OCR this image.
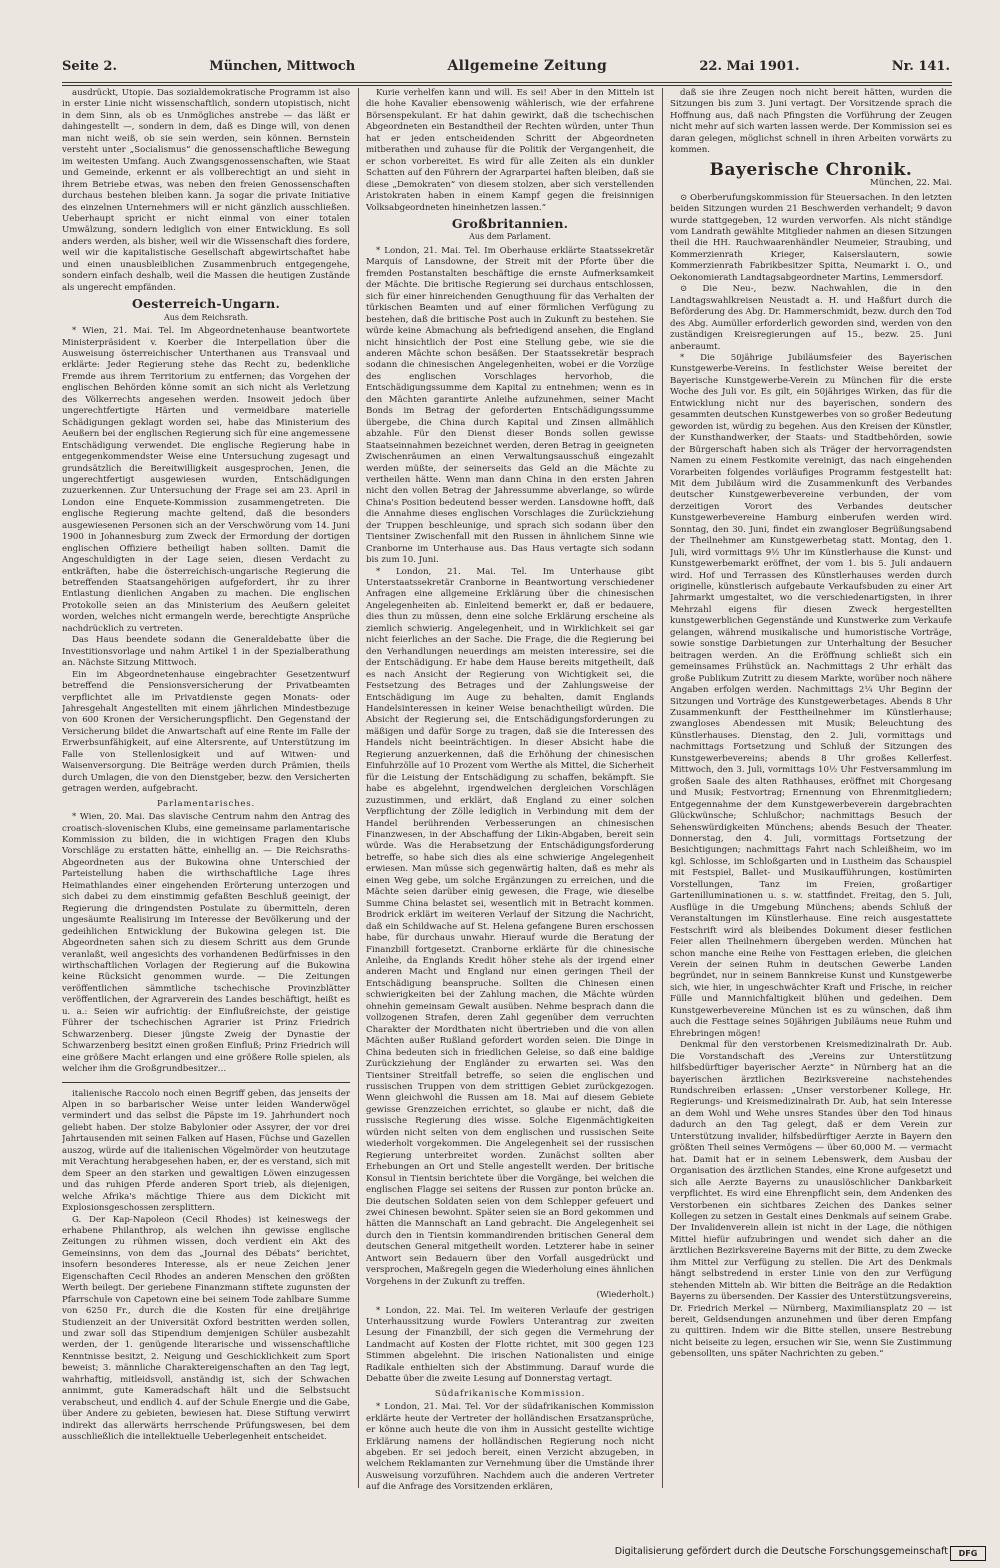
Seite 2.	München, Mittwoch	Allgemeine Zeitung	22. Mai 1901.	Nr. 141.

ausdrückt, Utopie. Das sozialdemokratische Programm ist also in erster Linie nicht wissenschaftlich, sondern utopistisch, nicht in dem Sinn, als ob es Unmögliches anstrebe — das läßt er dahingestellt —, sondern in dem, daß es Dinge will, von denen man nicht weiß, ob sie sein werden, sein können. Bernstein versteht unter „Socialismus“ die genossenschaftliche Bewegung im weitesten Umfang. Auch Zwangsgenossenschaften, wie Staat und Gemeinde, erkennt er als vollberechtigt an und sieht in ihrem Betriebe etwas, was neben den freien Genossenschaften durchaus bestehen bleiben kann. Ja sogar die private Initiative des einzelnen Unternehmers will er nicht gänzlich ausschließen. Ueberhaupt spricht er nicht einmal von einer totalen Umwälzung, sondern lediglich von einer Entwicklung. Es soll anders werden, als bisher, weil wir die Wissenschaft dies fordere, weil wir die kapitalistische Gesellschaft abgewirtschaftet habe und einen unausbleiblichen Zusammenbruch entgegengehe, sondern einfach deshalb, weil die Massen die heutigen Zustände als ungerecht empfänden.

Oesterreich-Ungarn.
Aus dem Reichsrath.

* Wien, 21. Mai. Tel. Im Abgeordnetenhause beantwortete Ministerpräsident v. Koerber die Interpellation über die Ausweisung österreichischer Unterthanen aus Transvaal und erklärte: Jeder Regierung stehe das Recht zu, bedenkliche Fremde aus ihrem Territorium zu entfernen; das Vorgehen der englischen Behörden könne somit an sich nicht als Verletzung des Völkerrechts angesehen werden. Insoweit jedoch über ungerechtfertigte Härten und vermeidbare materielle Schädigungen geklagt worden sei, habe das Ministerium des Aeußern bei der englischen Regierung sich für eine angemessene Entschädigung verwendet. Die englische Regierung habe in entgegenkommendster Weise eine Untersuchung zugesagt und grundsätzlich die Bereitwilligkeit ausgesprochen, Jenen, die ungerechtfertigt ausgewiesen wurden, Entschädigungen zuzuerkennen. Zur Untersuchung der Frage sei am 23. April in London eine Enquete-Kommission zusammengetreten. Die englische Regierung machte geltend, daß die besonders ausgewiesenen Personen sich an der Verschwörung vom 14. Juni 1900 in Johannesburg zum Zweck der Ermordung der dortigen englischen Offiziere betheiligt haben sollten. Damit die Angeschuldigten in der Lage seien, diesen Verdacht zu entkräften, habe die österreichisch-ungarische Regierung die betreffenden Staatsangehörigen aufgefordert, ihr zu ihrer Entlastung dienlichen Angaben zu machen. Die englischen Protokolle seien an das Ministerium des Aeußern geleitet worden, welches nicht ermangeln werde, berechtigte Ansprüche nachdrücklich zu vertreten.

Das Haus beendete sodann die Generaldebatte über die Investitionsvorlage und nahm Artikel 1 in der Spezialberathung an. Nächste Sitzung Mittwoch.

Ein im Abgeordnetenhause eingebrachter Gesetzentwurf betreffend die Pensionsversicherung der Privatbeamten verpflichtet alle im Privatdienste gegen Monats- oder Jahresgehalt Angestellten mit einem jährlichen Mindestbezuge von 600 Kronen der Versicherungspflicht. Den Gegenstand der Versicherung bildet die Anwartschaft auf eine Rente im Falle der Erwerbsunfähigkeit, auf eine Altersrente, auf Unterstützung im Falle von Stellenlosigkeit und auf Witwen- und Waisenversorgung. Die Beiträge werden durch Prämien, theils durch Umlagen, die von den Dienstgeber, bezw. den Versicherten getragen werden, aufgebracht.

Parlamentarisches.

* Wien, 20. Mai. Das slavische Centrum nahm den Antrag des croatisch-slovenischen Klubs, eine gemeinsame parlamentarische Kommission zu bilden, die in wichtigen Fragen den Klubs Vorschläge zu erstatten hätte, einhellig an. — Die Reichsraths-Abgeordneten aus der Bukowina ohne Unterschied der Parteistellung haben die wirthschaftliche Lage ihres Heimathlandes einer eingehenden Erörterung unterzogen und sich dabei zu dem einstimmig gefaßten Beschluß geeinigt, der Regierung die dringendsten Postulate zu übermitteln, deren ungesäumte Realisirung im Interesse der Bevölkerung und der gedeihlichen Entwicklung der Bukowina gelegen ist. Die Abgeordneten sahen sich zu diesem Schritt aus dem Grunde veranlaßt, weil angesichts des vorhandenen Bedürfnisses in den wirthschaftlichen Vorlagen der Regierung auf die Bukowina keine Rücksicht genommen wurde. — Die Zeitungen veröffentlichen sämmtliche tschechische Provinzblätter veröffentlichen, der Agrarverein des Landes beschäftigt, heißt es u. a.: Seien wir aufrichtig: der Einflußreichste, der geistige Führer der tschechischen Agrarier ist Prinz Friedrich Schwarzenberg. Dieser jüngste Zweig der Dynastie der Schwarzenberg besitzt einen großen Einfluß; Prinz Friedrich will eine größere Macht erlangen und eine größere Rolle spielen, als welcher ihm die Großgrundbesitzer…

italienische Raccolo noch einen Begriff geben, das jenseits der Alpen in so barbarischer Weise unter leiden Wanderwögel vermindert und das selbst die Päpste im 19. Jahrhundert noch geliebt haben. Der stolze Babylonier oder Assyrer, der vor drei Jahrtausenden mit seinen Falken auf Hasen, Füchse und Gazellen auszog, würde auf die italienischen Vögelmörder von heutzutage mit Verachtung herabgesehen haben, er, der es verstand, sich mit dem Speer an den starken und gewaltigen Löwen einzugessen und das ruhigen Pferde anderen Sport trieb, als diejenigen, welche Afrika's mächtige Thiere aus dem Dickicht mit Explosionsgeschossen zersplittern.

G. Der Kap-Napoleon (Cecil Rhodes) ist keineswegs der erhabene Philanthrop, als welchen ihn gewisse englische Zeitungen zu rühmen wissen, doch verdient ein Akt des Gemeinsinns, von dem das „Journal des Débats“ berichtet, insofern besonderes Interesse, als er neue Zeichen jener Eigenschaften Cecil Rhodes an anderen Menschen den größten Werth beilegt. Der geriebene Finanzmann stiftete zugunsten der Pfarrschule von Capetown eine bei seinem Tode zahlbare Summe von 6250 Fr., durch die die Kosten für eine dreijährige Studienzeit an der Universität Oxford bestritten werden sollen, und zwar soll das Stipendium demjenigen Schüler ausbezahlt werden, der 1. genügende literarische und wissenschaftliche Kenntnisse besitzt, 2. Neigung und Geschicklichkeit zum Sport beweist; 3. männliche Charaktereigenschaften an den Tag legt, wahrhaftig, mitleidsvoll, anständig ist, sich der Schwachen annimmt, gute Kameradschaft hält und die Selbstsucht verabscheut, und endlich 4. auf der Schule Energie und die Gabe, über Andere zu gebieten, bewiesen hat. Diese Stiftung verwirrt indirekt das allerwärts herrschende Prüfungswesen, bei dem ausschließlich die intellektuelle Ueberlegenheit entscheidet.

Kurie verhelfen kann und will. Es sei! Aber in den Mitteln ist die hohe Kavalier ebensowenig wählerisch, wie der erfahrene Börsenspekulant. Er hat dahin gewirkt, daß die tschechischen Abgeordneten ein Bestandtheil der Rechten würden, unter Thun hat er jeden entscheidenden Schritt der Abgeordneten mitberathen und zuhause für die Politik der Vergangenheit, die er schon vorbereitet. Es wird für alle Zeiten als ein dunkler Schatten auf den Führern der Agrarpartei haften bleiben, daß sie diese „Demokraten“ von diesem stolzen, aber sich verstellenden Aristokraten haben in einem Kampf gegen die freisinnigen Volksabgeordneten hineinhetzen lassen.“

Großbritannien.
Aus dem Parlament.

* London, 21. Mai. Tel. Im Oberhause erklärte Staatssekretär Marquis of Lansdowne, der Streit mit der Pforte über die fremden Postanstalten beschäftige die ernste Aufmerksamkeit der Mächte. Die britische Regierung sei durchaus entschlossen, sich für einer hinreichenden Genugthuung für das Verhalten der türkischen Beamten und auf einer förmlichen Verfügung zu bestehen, daß die britische Post auch in Zukunft zu bestehen. Sie würde keine Abmachung als befriedigend ansehen, die England nicht hinsichtlich der Post eine Stellung gebe, wie sie die anderen Mächte schon besäßen. Der Staatssekretär besprach sodann die chinesischen Angelegenheiten, wobei er die Vorzüge des englischen Vorschlages hervorhob, die Entschädigungssumme dem Kapital zu entnehmen; wenn es in den Mächten garantirte Anleihe aufzunehmen, seiner Macht Bonds im Betrag der geforderten Entschädigungssumme übergebe, die China durch Kapital und Zinsen allmählich abzahle. Für den Dienst dieser Bonds sollen gewisse Staatseinnahmen bezeichnet werden, deren Betrag in geeigneten Zwischenräumen an einen Verwaltungsausschuß eingezahlt werden müßte, der seinerseits das Geld an die Mächte zu vertheilen hätte. Wenn man dann China in den ersten Jahren nicht den vollen Betrag der Jahressumme abverlange, so würde China's Position bedeutend besser werden. Lansdowne hofft, daß die Annahme dieses englischen Vorschlages die Zurückziehung der Truppen beschleunige, und sprach sich sodann über den Tientsiner Zwischenfall mit den Russen in ähnlichem Sinne wie Cranborne im Unterhause aus. Das Haus vertagte sich sodann bis zum 10. Juni.

* London, 21. Mai. Tel. Im Unterhause gibt Unterstaatssekretär Cranborne in Beantwortung verschiedener Anfragen eine allgemeine Erklärung über die chinesischen Angelegenheiten ab. Einleitend bemerkt er, daß er bedauere, dies thun zu müssen, denn eine solche Erklärung erscheine als ziemlich schwierig. Angelegenheit, und in Wirklichkeit sei gar nicht feierliches an der Sache. Die Frage, die die Regierung bei den Verhandlungen neuerdings am meisten interessire, sei die der Entschädigung. Er habe dem Hause bereits mitgetheilt, daß es nach Ansicht der Regierung von Wichtigkeit sei, die Festsetzung des Betrages und der Zahlungsweise der Entschädigung im Auge zu behalten, damit Englands Handelsinteressen in keiner Weise benachtheiligt würden. Die Absicht der Regierung sei, die Entschädigungsforderungen zu mäßigen und dafür Sorge zu tragen, daß sie die Interessen des Handels nicht beeinträchtigen. In dieser Absicht habe die Regierung anzuerkennen, daß die Erhöhung der chinesischen Einfuhrzölle auf 10 Prozent vom Werthe als Mittel, die Sicherheit für die Leistung der Entschädigung zu schaffen, bekämpft. Sie habe es abgelehnt, irgendwelchen dergleichen Vorschlägen zuzustimmen, und erklärt, daß England zu einer solchen Verpflichtung der Zölle lediglich in Verbindung mit dem der Handel berührenden Verbesserungen an chinesischen Finanzwesen, in der Abschaffung der Likin-Abgaben, bereit sein würde. Was die Herabsetzung der Entschädigungsforderung betreffe, so habe sich dies als eine schwierige Angelegenheit erwiesen. Man müsse sich gegenwärtig halten, daß es mehr als einen Weg gebe, um solche Ergänzungen zu erreichen, und die Mächte seien darüber einig gewesen, die Frage, wie dieselbe Summe China belastet sei, wesentlich mit in Betracht kommen. Brodrick erklärt im weiteren Verlauf der Sitzung die Nachricht, daß ein Schildwache auf St. Helena gefangene Buren erschossen habe, für durchaus unwahr. Hierauf wurde die Beratung der Finanzbill fortgesetzt. Cranborne erklärte für die chinesische Anleihe, da Englands Kredit höher stehe als der irgend einer anderen Macht und England nur einen geringen Theil der Entschädigung beanspruche. Sollten die Chinesen einen schwierigkeiten bei der Zahlung machen, die Mächte würden ohnehin gemeinsam Gewalt ausüben. Nehme besprach dann die vollzogenen Strafen, deren Zahl gegenüber dem verruchten Charakter der Mordthaten nicht übertrieben und die von allen Mächten außer Rußland gefordert worden seien. Die Dinge in China bedeuten sich in friedlichen Geleise, so daß eine baldige Zurückziehung der Engländer zu erwarten sei. Was den Tientsiner Streitfall betreffe, so seien die englischen und russischen Truppen von dem strittigen Gebiet zurückgezogen. Wenn gleichwohl die Russen am 18. Mai auf diesem Gebiete gewisse Grenzzeichen errichtet, so glaube er nicht, daß die russische Regierung dies wisse. Solche Eigenmächtigkeiten würden nicht selten von dem englischen und russischen Seite wiederholt vorgekommen. Die Angelegenheit sei der russischen Regierung unterbreitet worden. Zunächst sollten aber Erhebungen an Ort und Stelle angestellt werden. Der britische Konsul in Tientsin berichtete über die Vorgänge, bei welchen die englischen Flagge sei seitens der Russen zur ponton brücke an. Die deutschen Soldaten seien von dem Schlepper gefeuert und zwei Chinesen bewohnt. Später seien sie an Bord gekommen und hätten die Mannschaft an Land gebracht. Die Angelegenheit sei durch den in Tientsin kommandirenden britischen General dem deutschen General mitgetheilt worden. Letzterer habe in seiner Antwort sein Bedauern über den Vorfall ausgedrückt und versprochen, Maßregeln gegen die Wiederholung eines ähnlichen Vorgehens in der Zukunft zu treffen.

(Wiederholt.)

* London, 22. Mai. Tel. Im weiteren Verlaufe der gestrigen Unterhaussitzung wurde Fowlers Unterantrag zur zweiten Lesung der Finanzbill, der sich gegen die Vermehrung der Landmacht auf Kosten der Flotte richtet, mit 300 gegen 123 Stimmen abgelehnt. Die irischen Nationalisten und einige Radikale enthielten sich der Abstimmung. Darauf wurde die Debatte über die zweite Lesung auf Donnerstag vertagt.

Südafrikanische Kommission.

* London, 21. Mai. Tel. Vor der südafrikanischen Kommission erklärte heute der Vertreter der holländischen Ersatzansprüche, er könne auch heute die von ihm in Aussicht gestellte wichtige Erklärung namens der holländischen Regierung noch nicht abgeben. Er sei jedoch bereit, einen Verzicht abzugeben, in welchem Reklamanten zur Vernehmung über die Umstände ihrer Ausweisung vorzuführen. Nachdem auch die anderen Vertreter auf die Anfrage des Vorsitzenden erklären,

daß sie ihre Zeugen noch nicht bereit hätten, wurden die Sitzungen bis zum 3. Juni vertagt. Der Vorsitzende sprach die Hoffnung aus, daß nach Pfingsten die Vorführung der Zeugen nicht mehr auf sich warten lassen werde. Der Kommission sei es daran gelegen, möglichst schnell in ihren Arbeiten vorwärts zu kommen.

Bayerische Chronik.
München, 22. Mai.

⊙ Oberberufungskommission für Steuersachen. In den letzten beiden Sitzungen wurden 21 Beschwerden verhandelt; 9 davon wurde stattgegeben, 12 wurden verworfen. Als nicht ständige vom Landrath gewählte Mitglieder nahmen an diesen Sitzungen theil die HH. Rauchwaarenhändler Neumeier, Straubing, und Kommerzienrath Krieger, Kaiserslautern, sowie Kommerzienrath Fabrikbesitzer Spitta, Neumarkt i. O., und Oekonomierath Landtagsabgeordneter Martins, Lemmersdorf.

⊙ Die Neu-, bezw. Nachwahlen, die in den Landtagswahlkreisen Neustadt a. H. und Haßfurt durch die Beförderung des Abg. Dr. Hammerschmidt, bezw. durch den Tod des Abg. Aumüller erforderlich geworden sind, werden von den zuständigen Kreisregierungen auf 15., bezw. 25. Juni anberaumt.

* Die 50jährige Jubiläumsfeier des Bayerischen Kunstgewerbe-Vereins. In festlichster Weise bereitet der Bayerische Kunstgewerbe-Verein zu München für die erste Woche des Juli vor. Es gilt, ein 50jähriges Wirken, das für die Entwicklung nicht nur des bayerischen, sondern des gesammten deutschen Kunstgewerbes von so großer Bedeutung geworden ist, würdig zu begehen. Aus den Kreisen der Künstler, der Kunsthandwerker, der Staats- und Stadtbehörden, sowie der Bürgerschaft haben sich als Träger der hervorragendsten Namen zu einem Festkomite vereinigt, das nach eingehenden Vorarbeiten folgendes vorläufiges Programm festgestellt hat: Mit dem Jubiläum wird die Zusammenkunft des Verbandes deutscher Kunstgewerbevereine verbunden, der vom derzeitigen Vorort des Verbandes deutscher Kunstgewerbevereine Hamburg einberufen werden wird. Sonntag, den 30. Juni, findet ein zwangloser Begrüßungsabend der Theilnehmer am Kunstgewerbetag statt. Montag, den 1. Juli, wird vormittags 9½ Uhr im Künstlerhause die Kunst- und Kunstgewerbemarkt eröffnet, der vom 1. bis 5. Juli andauern wird. Hof und Terrassen des Künstlerhauses werden durch originelle, künstlerisch aufgebaute Verkaufsbuden zu einer Art Jahrmarkt umgestaltet, wo die verschiedenartigsten, in ihrer Mehrzahl eigens für diesen Zweck hergestellten kunstgewerblichen Gegenstände und Kunstwerke zum Verkaufe gelangen, während musikalische und humoristische Vorträge, sowie sonstige Darbietungen zur Unterhaltung der Besucher beitragen werden. An die Eröffnung schließt sich ein gemeinsames Frühstück an. Nachmittags 2 Uhr erhält das große Publikum Zutritt zu diesem Markte, worüber noch nähere Angaben erfolgen werden. Nachmittags 2¼ Uhr Beginn der Sitzungen und Vorträge des Kunstgewerbetages. Abends 8 Uhr Zusammenkunft der Festtheilnehmer im Künstlerhause; zwangloses Abendessen mit Musik; Beleuchtung des Künstlerhauses. Dienstag, den 2. Juli, vormittags und nachmittags Fortsetzung und Schluß der Sitzungen des Kunstgewerbevereins; abends 8 Uhr großes Kellerfest. Mittwoch, den 3. Juli, vormittags 10½ Uhr Festversammlung im großen Saale des alten Rathhauses, eröffnet mit Chorgesang und Musik; Festvortrag; Ernennung von Ehrenmitgliedern; Entgegennahme der dem Kunstgewerbeverein dargebrachten Glückwünsche; Schlußchor; nachmittags Besuch der Sehenswürdigkeiten Münchens; abends Besuch der Theater. Donnerstag, den 4. Juli, vormittags Fortsetzung der Besichtigungen; nachmittags Fahrt nach Schleißheim, wo im kgl. Schlosse, im Schloßgarten und in Lustheim das Schauspiel mit Festspiel, Ballet- und Musikaufführungen, kostümirten Vorstellungen, Tanz im Freien, großartiger Gartenilluminationen u. s. w. stattfindet. Freitag, den 5. Juli, Ausflüge in die Umgebung Münchens; abends Schluß der Veranstaltungen im Künstlerhause. Eine reich ausgestattete Festschrift wird als bleibendes Dokument dieser festlichen Feier allen Theilnehmern übergeben werden. München hat schon manche eine Reihe von Festtagen erleben, die gleichen Verein der seinen Ruhm in deutschen Gewerbe Landen begründet, nur in seinem Bannkreise Kunst und Kunstgewerbe sich, wie hier, in ungeschwächter Kraft und Frische, in reicher Fülle und Mannichfaltigkeit blühen und gedeihen. Dem Kunstgewerbevereine München ist es zu wünschen, daß ihm auch die Festtage seines 50jährigen Jubiläums neue Ruhm und Ehrebringen mögen!

Denkmal für den verstorbenen Kreismedizinalrath Dr. Aub. Die Vorstandschaft des „Vereins zur Unterstützung hilfsbedürftiger bayerischer Aerzte“ in Nürnberg hat an die bayerischen ärztlichen Bezirksvereine nachstehendes Rundschreiben erlassen: „Unser verstorbener Kollege, Hr. Regierungs- und Kreismedizinalrath Dr. Aub, hat sein Interesse an dem Wohl und Wehe unsres Standes über den Tod hinaus dadurch an den Tag gelegt, daß er dem Verein zur Unterstützung invalider, hilfsbedürftiger Aerzte in Bayern den größten Theil seines Vermögens — über 60,000 M. — vermacht hat. Damit hat er in seinem Lebenswerk, dem Ausbau der Organisation des ärztlichen Standes, eine Krone aufgesetzt und sich alle Aerzte Bayerns zu unauslöschlicher Dankbarkeit verpflichtet. Es wird eine Ehrenpflicht sein, dem Andenken des Verstorbenen ein sichtbares Zeichen des Dankes seiner Kollegen zu setzen in Gestalt eines Denkmals auf seinem Grabe. Der Invalidenverein allein ist nicht in der Lage, die nöthigen Mittel hiefür aufzubringen und wendet sich daher an die ärztlichen Bezirksvereine Bayerns mit der Bitte, zu dem Zwecke ihm Mittel zur Verfügung zu stellen. Die Art des Denkmals hängt selbstredend in erster Linie von den zur Verfügung stehenden Mitteln ab. Wir bitten die Beiträge an die Redaktion Bayerns zu übersenden. Der Kassier des Unterstützungsvereins, Dr. Friedrich Merkel — Nürnberg, Maximiliansplatz 20 — ist bereit, Geldsendungen anzunehmen und über deren Empfang zu quittiren. Indem wir die Bitte stellen, unsere Bestrebung nicht beiseite zu legen, ersuchen wir Sie, wenn Sie Zustimmung gebensollten, uns später Nachrichten zu geben.“

Digitalisierung gefördert durch die Deutsche Forschungsgemeinschaft	DFG
